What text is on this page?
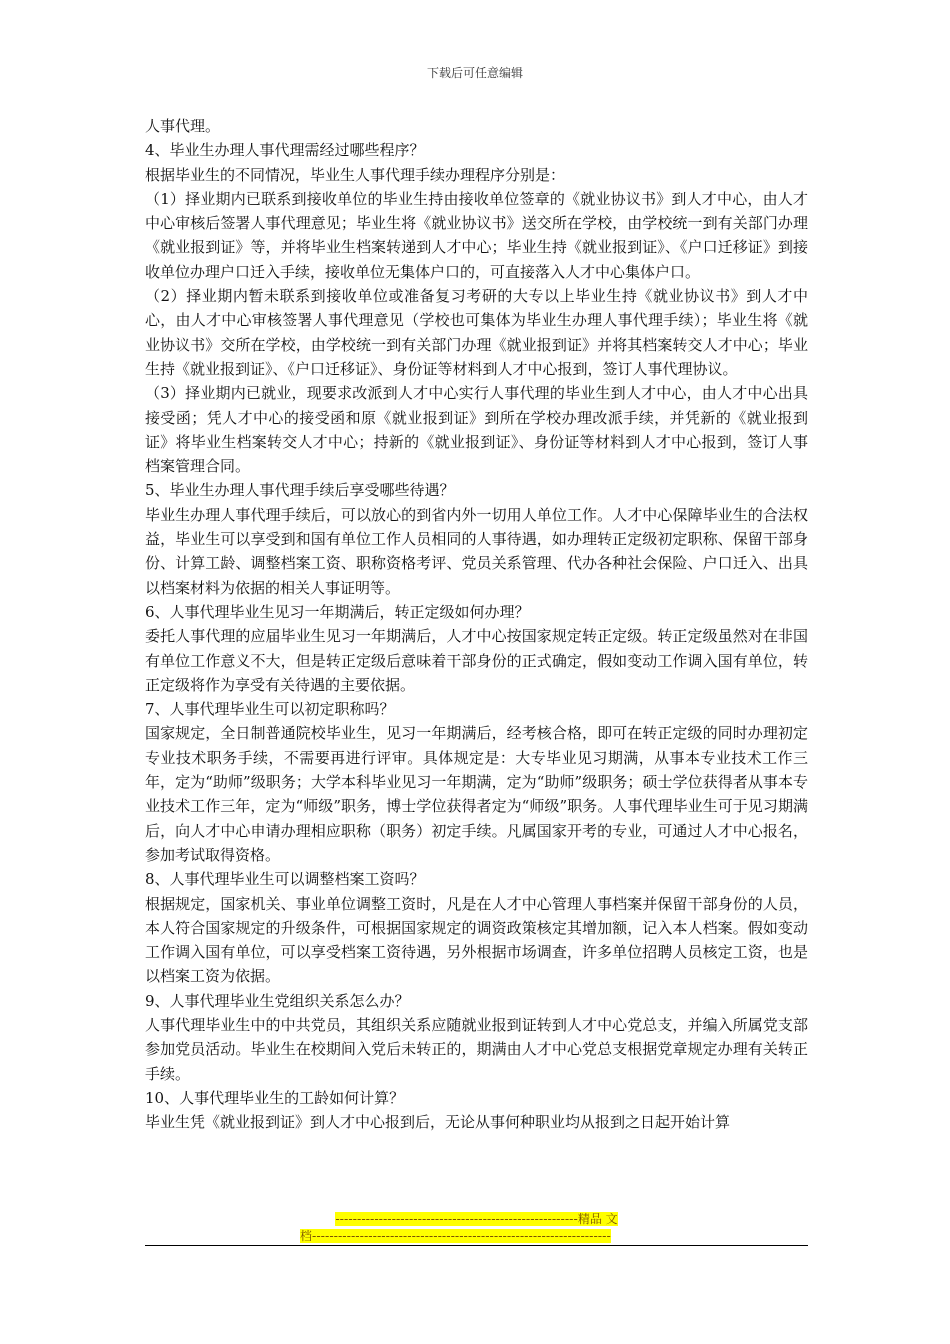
下载后可任意编辑

人事代理。

4、毕业生办理人事代理需经过哪些程序？

根据毕业生的不同情况，毕业生人事代理手续办理程序分别是：

（1）择业期内已联系到接收单位的毕业生持由接收单位签章的《就业协议书》到人才中心，由人才中心审核后签署人事代理意见；毕业生将《就业协议书》送交所在学校，由学校统一到有关部门办理《就业报到证》等，并将毕业生档案转递到人才中心；毕业生持《就业报到证》、《户口迁移证》到接收单位办理户口迁入手续，接收单位无集体户口的，可直接落入人才中心集体户口。

（2）择业期内暂未联系到接收单位或准备复习考研的大专以上毕业生持《就业协议书》到人才中心，由人才中心审核签署人事代理意见（学校也可集体为毕业生办理人事代理手续）；毕业生将《就业协议书》交所在学校，由学校统一到有关部门办理《就业报到证》并将其档案转交人才中心；毕业生持《就业报到证》、《户口迁移证》、身份证等材料到人才中心报到，签订人事代理协议。

（3）择业期内已就业，现要求改派到人才中心实行人事代理的毕业生到人才中心，由人才中心出具接受函；凭人才中心的接受函和原《就业报到证》到所在学校办理改派手续，并凭新的《就业报到证》将毕业生档案转交人才中心；持新的《就业报到证》、身份证等材料到人才中心报到，签订人事档案管理合同。

5、毕业生办理人事代理手续后享受哪些待遇？

毕业生办理人事代理手续后，可以放心的到省内外一切用人单位工作。人才中心保障毕业生的合法权益，毕业生可以享受到和国有单位工作人员相同的人事待遇，如办理转正定级初定职称、保留干部身份、计算工龄、调整档案工资、职称资格考评、党员关系管理、代办各种社会保险、户口迁入、出具以档案材料为依据的相关人事证明等。

6、人事代理毕业生见习一年期满后，转正定级如何办理？

委托人事代理的应届毕业生见习一年期满后，人才中心按国家规定转正定级。转正定级虽然对在非国有单位工作意义不大，但是转正定级后意味着干部身份的正式确定，假如变动工作调入国有单位，转正定级将作为享受有关待遇的主要依据。

7、人事代理毕业生可以初定职称吗？

国家规定，全日制普通院校毕业生，见习一年期满后，经考核合格，即可在转正定级的同时办理初定专业技术职务手续，不需要再进行评审。具体规定是：大专毕业见习期满，从事本专业技术工作三年，定为“助师”级职务；大学本科毕业见习一年期满，定为“助师”级职务；硕士学位获得者从事本专业技术工作三年，定为“师级”职务，博士学位获得者定为“师级”职务。人事代理毕业生可于见习期满后，向人才中心申请办理相应职称（职务）初定手续。凡属国家开考的专业，可通过人才中心报名，参加考试取得资格。

8、人事代理毕业生可以调整档案工资吗？

根据规定，国家机关、事业单位调整工资时，凡是在人才中心管理人事档案并保留干部身份的人员，本人符合国家规定的升级条件，可根据国家规定的调资政策核定其增加额，记入本人档案。假如变动工作调入国有单位，可以享受档案工资待遇，另外根据市场调查，许多单位招聘人员核定工资，也是以档案工资为依据。

9、人事代理毕业生党组织关系怎么办？

人事代理毕业生中的中共党员，其组织关系应随就业报到证转到人才中心党总支，并编入所属党支部参加党员活动。毕业生在校期间入党后未转正的，期满由人才中心党总支根据党章规定办理有关转正手续。

10、人事代理毕业生的工龄如何计算？

毕业生凭《就业报到证》到人才中心报到后，无论从事何种职业均从报到之日起开始计算

--------------------------------------------------------精品 文
档---------------------------------------------------------------------
